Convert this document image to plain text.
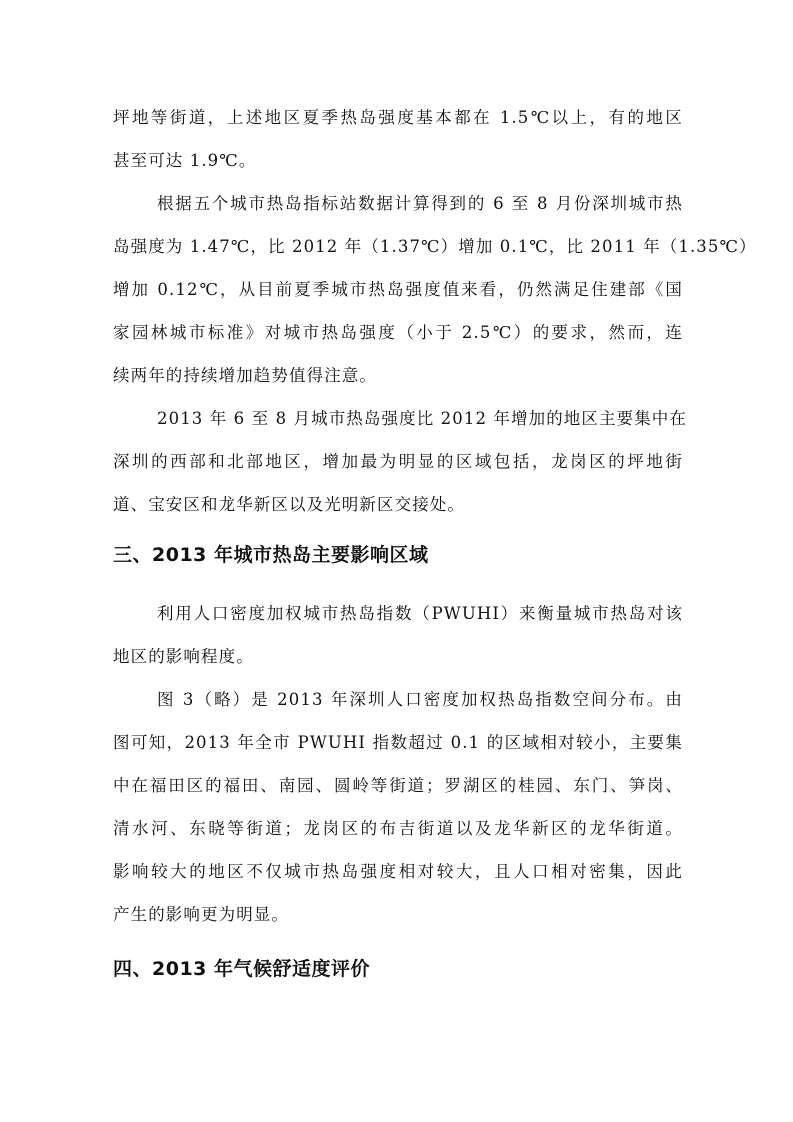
坪地等街道，上述地区夏季热岛强度基本都在 1.5℃以上，有的地区
甚至可达 1.9℃。
根据五个城市热岛指标站数据计算得到的 6 至 8 月份深圳城市热
岛强度为 1.47℃，比 2012 年（1.37℃）增加 0.1℃，比 2011 年（1.35℃）
增加 0.12℃，从目前夏季城市热岛强度值来看，仍然满足住建部《国
家园林城市标准》对城市热岛强度（小于 2.5℃）的要求，然而，连
续两年的持续增加趋势值得注意。
2013 年 6 至 8 月城市热岛强度比 2012 年增加的地区主要集中在
深圳的西部和北部地区，增加最为明显的区域包括，龙岗区的坪地街
道、宝安区和龙华新区以及光明新区交接处。
三、2013 年城市热岛主要影响区域
利用人口密度加权城市热岛指数（PWUHI）来衡量城市热岛对该
地区的影响程度。
图 3（略）是 2013 年深圳人口密度加权热岛指数空间分布。由
图可知，2013 年全市 PWUHI 指数超过 0.1 的区域相对较小，主要集
中在福田区的福田、南园、圆岭等街道；罗湖区的桂园、东门、笋岗、
清水河、东晓等街道；龙岗区的布吉街道以及龙华新区的龙华街道。
影响较大的地区不仅城市热岛强度相对较大，且人口相对密集，因此
产生的影响更为明显。
四、2013 年气候舒适度评价
